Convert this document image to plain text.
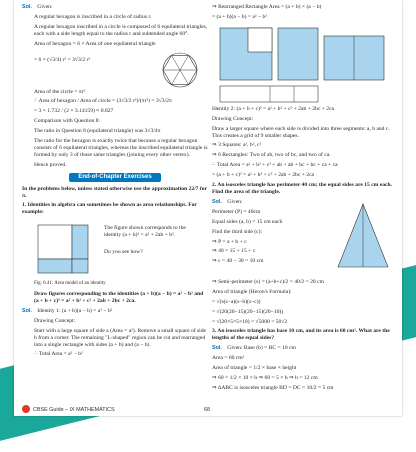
Sol. Given:
A regular hexagon is inscribed in a circle of radius r.
A regular hexagon inscribed in a circle is composed of 6 equilateral triangles, each with a side length equal to the radius r and subtended angle 60°.
Area of hexagon = 6 × Area of one equilateral triangle
= 6 × (√3/4) r² = 3√3/2 r²
Area of the circle = πr²
∴ Area of hexagon / Area of circle = (3√3/2 r²)/(πr²) = 3√3/2π
= 3 × 1.732 / (2 × 3.14159) ≈ 0.827
Comparison with Question 8:
The ratio in Question 8 (equilateral triangle) was 3√3/4π
The ratio for the hexagon is exactly twice that because a regular hexagon consists of 6 equilateral triangles, whereas the inscribed equilateral triangle is formed by only 3 of those same triangles (joining every other vertex).
Hence proved.
End-of-Chapter Exercises
In the problems below, unless stated otherwise use the approximation 22/7 for π.
1. Identities in algebra can sometimes be shown as area relationships. For example:
The figure shown corresponds to the identity (a + b)² = a² + 2ab + b².
Do you see how?
Fig. 6.41: Area model of an identity
Draw figures corresponding to the identities (a + b)(a − b) = a² − b² and (a + b + c)² = a² + b² + c² + 2ab + 2bc + 2ca.
Sol. Identity 1: (a + b)(a − b) = a² − b²
Drawing Concept:
Start with a large square of side a (Area = a²). Remove a small square of side b from a corner. The remaining "L-shaped" region can be cut and rearranged into a single rectangle with sides (a + b) and (a − b).
∴ Total Area = a² − b²
⇒ Rearranged Rectangle Area = (a + b) × (a − b)
= (a + b)(a − b) = a² − b²
Identity 2: (a + b + c)² = a² + b² + c² + 2ab + 2bc + 2ca
Drawing Concept:
Draw a larger square where each side is divided into three segments: a, b and c. This creates a grid of 9 smaller shapes.
⇒ 3 Squares: a², b², c²
⇒ 6 Rectangles: Two of ab, two of bc, and two of ca.
∴ Total Area = a² + b² + c² + ab + ab + bc + bc + ca + ca
= (a + b + c)² = a² + b² + c² + 2ab + 2bc + 2ca
2. An isosceles triangle has perimeter 40 cm; the equal sides are 15 cm each. Find the area of the triangle.
Sol. Given:
Perimeter (P) = 40cm
Equal sides (a, b) = 15 cm each
Find the third side (c):
⇒ P = a + b + c
⇒ 40 = 15 + 15 + c
⇒ c = 40 − 30 = 10 cm
⇒ Semi-perimeter (s) = (a+b+c)/2 = 40/2 = 20 cm
Area of triangle (Heron's Formula):
= √(s(s−a)(s−b)(s−c))
= √(20(20−15)(20−15)(20−10))
= √(20×5×5×10) = √5000 = 50√2
3. An isosceles triangle has base 10 cm, and its area is 60 cm². What are the lengths of the equal sides?
Sol. Given: Base (b) = BC = 10 cm
Area = 60 cm²
Area of triangle = 1/2 × base × height
⇒ 60 = 1/2 × 10 × h ⇒ 60 = 5 × h ⇒ h = 12 cm
⇒ ΔABC is isosceles triangle BD = DC = 10/2 = 5 cm
CBSE Guide – IX MATHEMATICS	68
